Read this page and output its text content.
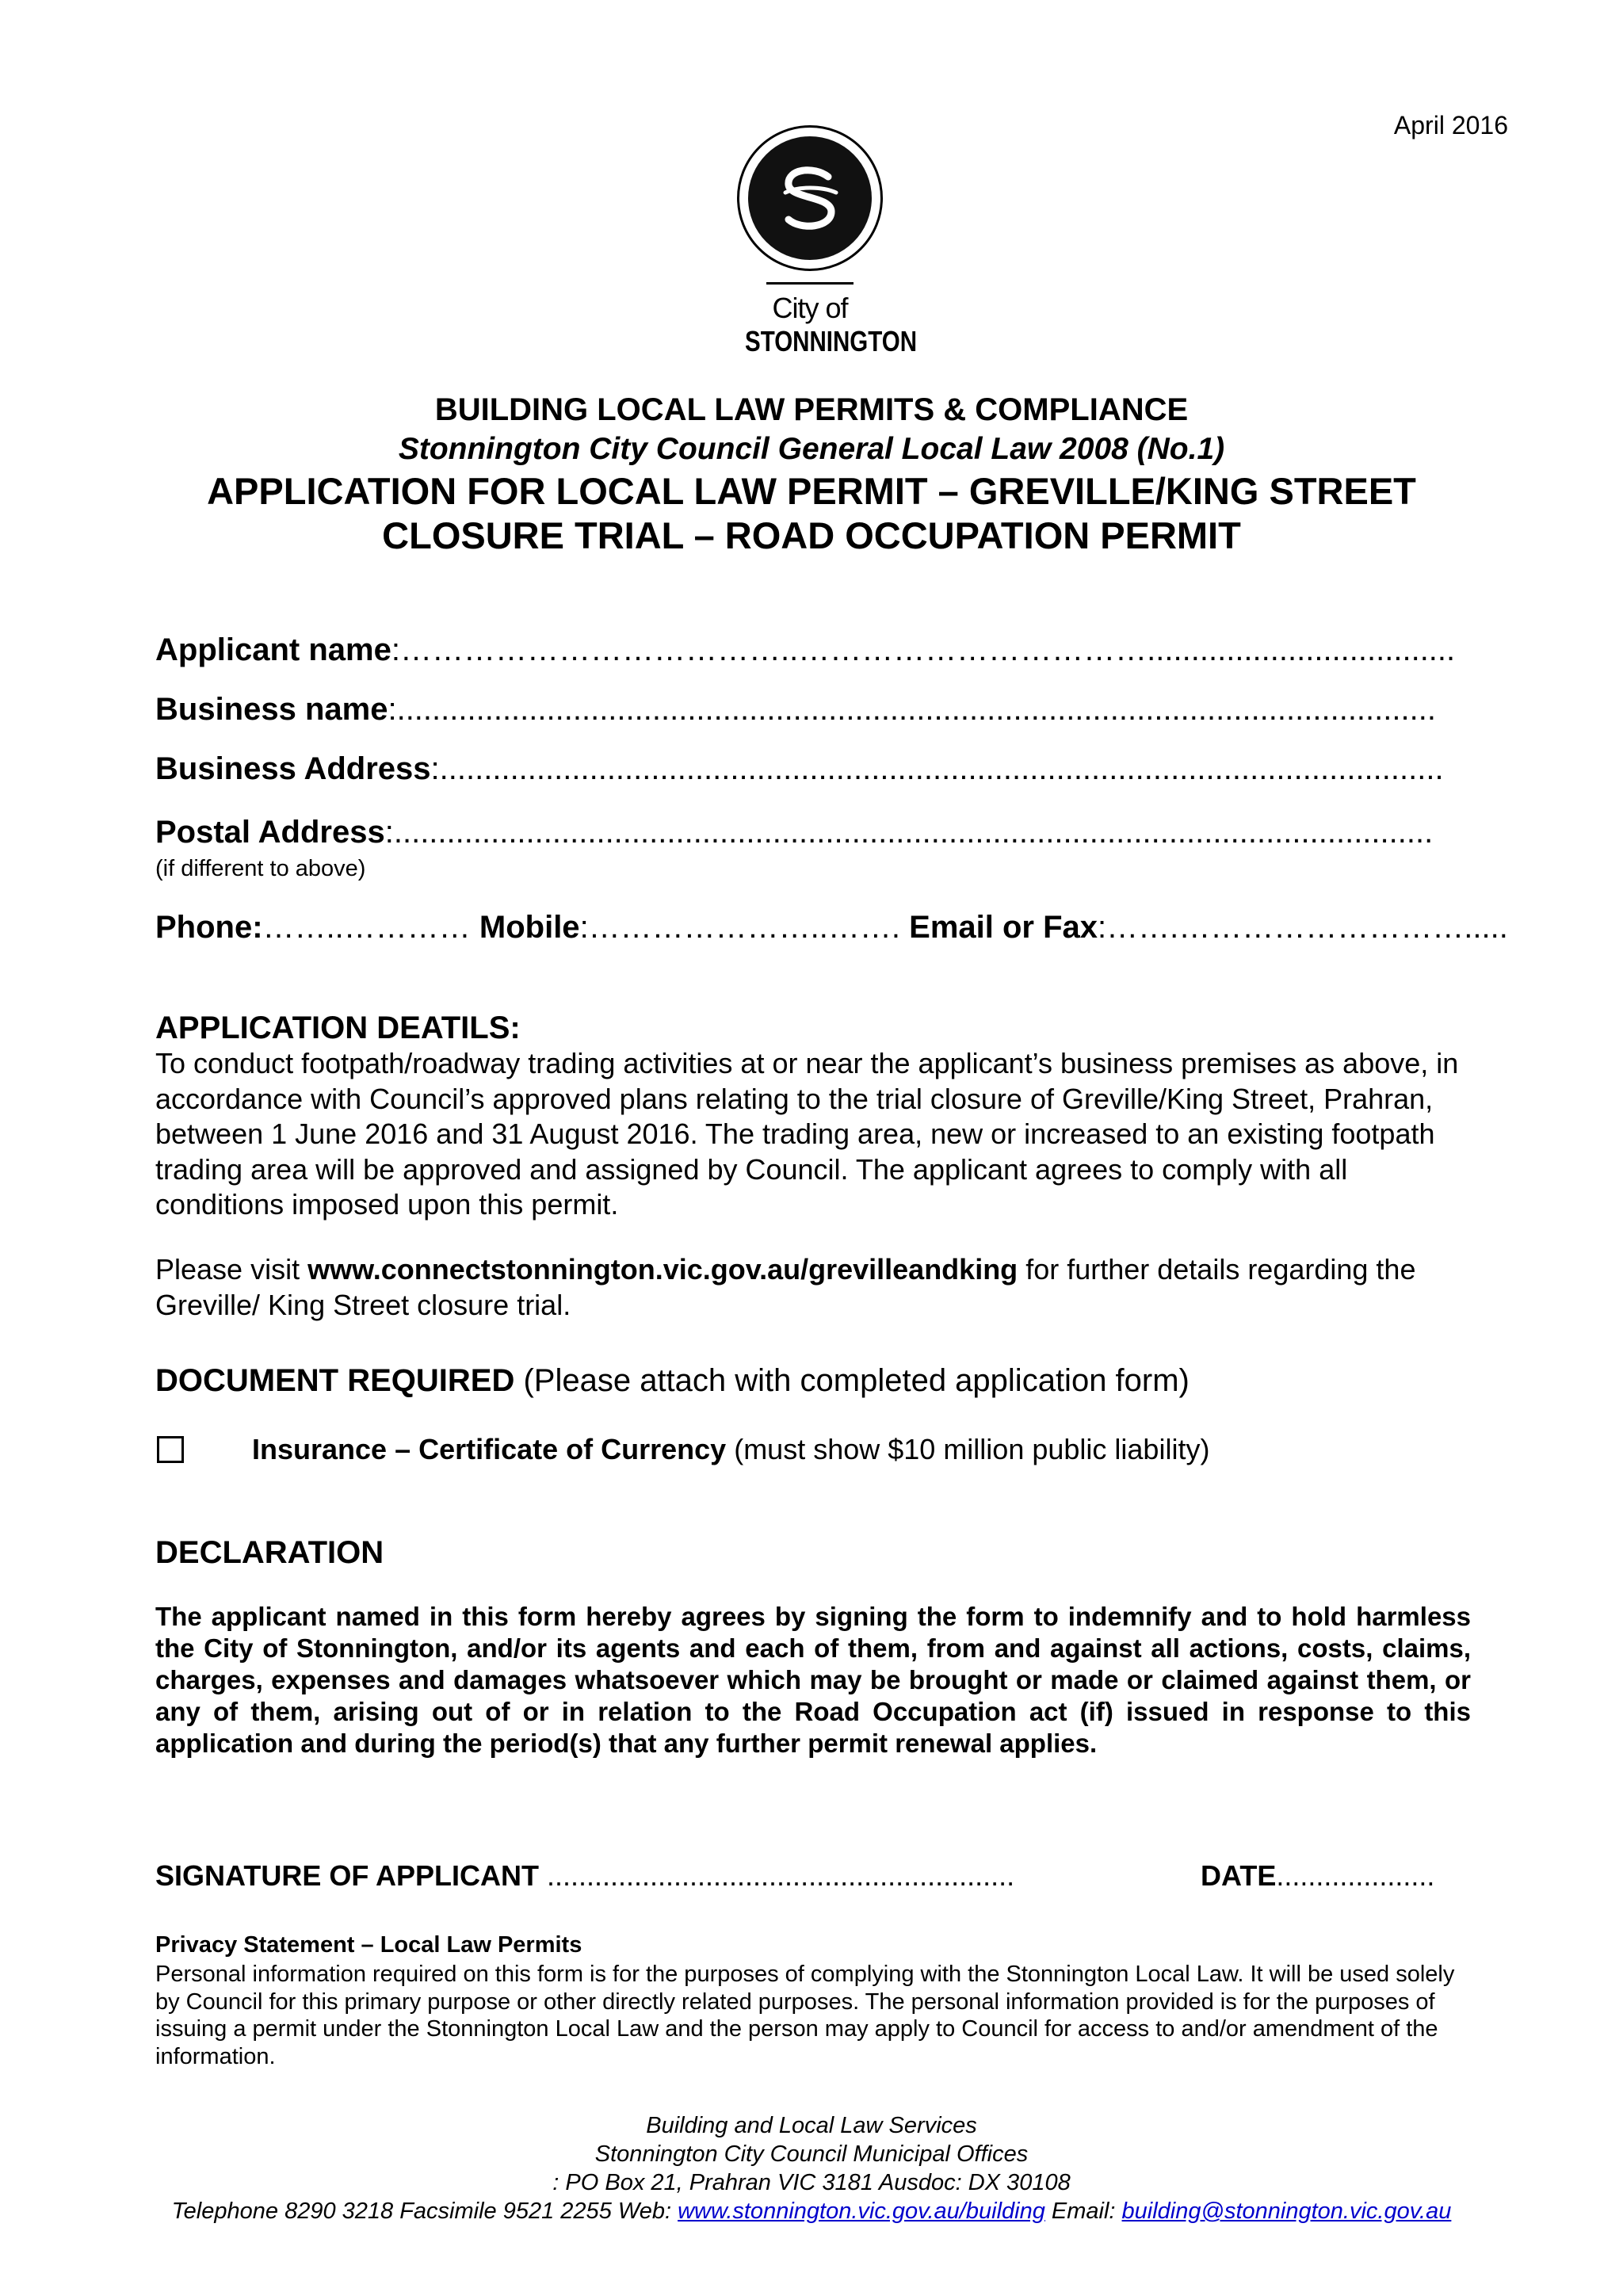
April 2016
City of
STONNINGTON
BUILDING LOCAL LAW PERMITS & COMPLIANCE
Stonnington City Council General Local Law 2008 (No.1)
APPLICATION FOR LOCAL LAW PERMIT – GREVILLE/KING STREET
CLOSURE TRIAL – ROAD OCCUPATION PERMIT
Applicant name:………………………………..……………………………...................................
Business name:......................................................................................................................
Business Address:..................................................................................................................
Postal Address:......................................................................................................................
(if different to above)
Phone:……..………… Mobile:…………………..……. Email or Fax:…….……………………….....
APPLICATION DEATILS:
To conduct footpath/roadway trading activities at or near the applicant’s business premises as above, in accordance with Council’s approved plans relating to the trial closure of Greville/King Street, Prahran, between 1 June 2016 and 31 August 2016. The trading area, new or increased to an existing footpath trading area will be approved and assigned by Council. The applicant agrees to comply with all conditions imposed upon this permit.
Please visit www.connectstonnington.vic.gov.au/grevilleandking for further details regarding the Greville/ King Street closure trial.
DOCUMENT REQUIRED (Please attach with completed application form)
Insurance – Certificate of Currency (must show $10 million public liability)
DECLARATION
The applicant named in this form hereby agrees by signing the form to indemnify and to hold harmless the City of Stonnington, and/or its agents and each of them, from and against all actions, costs, claims, charges, expenses and damages whatsoever which may be brought or made or claimed against them, or any of them, arising out of or in relation to the Road Occupation act (if) issued in response to this application and during the period(s) that any further permit renewal applies.
SIGNATURE OF APPLICANT ...........................................................	DATE....................
Privacy Statement – Local Law Permits
Personal information required on this form is for the purposes of complying with the Stonnington Local Law. It will be used solely by Council for this primary purpose or other directly related purposes. The personal information provided is for the purposes of issuing a permit under the Stonnington Local Law and the person may apply to Council for access to and/or amendment of the information.
Building and Local Law Services
Stonnington City Council Municipal Offices
: PO Box 21, Prahran VIC 3181 Ausdoc: DX 30108
Telephone 8290 3218 Facsimile 9521 2255 Web: www.stonnington.vic.gov.au/building Email: building@stonnington.vic.gov.au
